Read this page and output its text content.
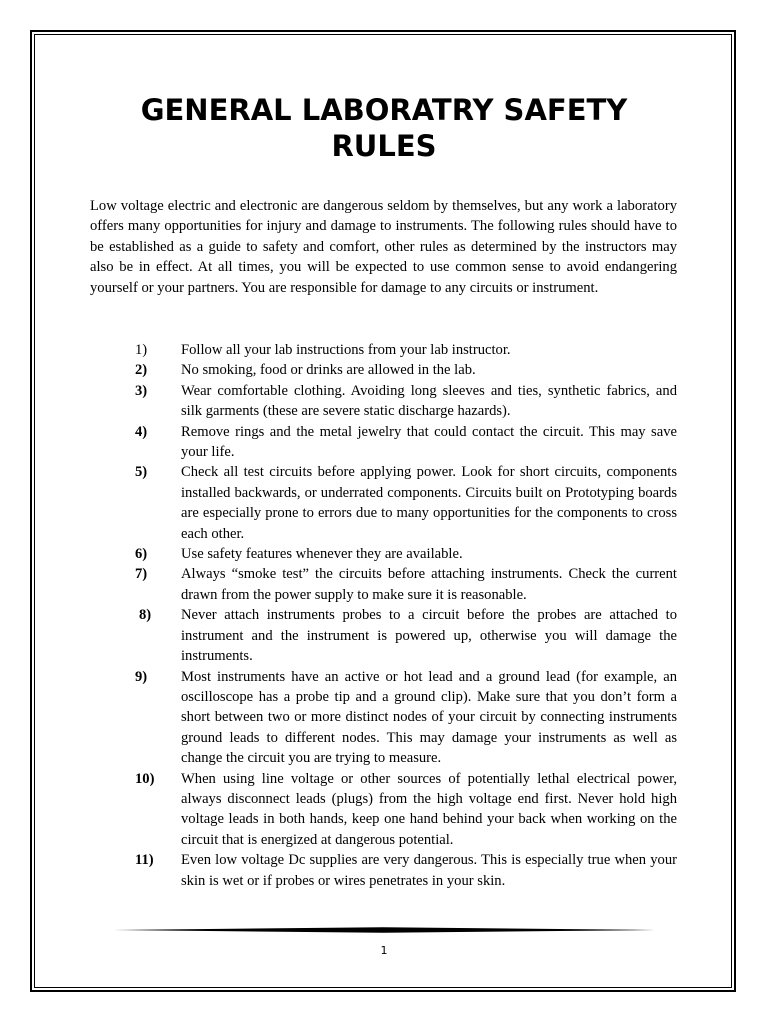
GENERAL LABORATRY SAFETY RULES

Low voltage electric and electronic are dangerous seldom by themselves, but any work a laboratory offers many opportunities for injury and damage to instruments. The following rules should have to be established as a guide to safety and comfort, other rules as determined by the instructors may also be in effect. At all times, you will be expected to use common sense to avoid endangering yourself or your partners. You are responsible for damage to any circuits or instrument.

1)	Follow all your lab instructions from your lab instructor.
2)	No smoking, food or drinks are allowed in the lab.
3)	Wear comfortable clothing. Avoiding long sleeves and ties, synthetic fabrics, and silk garments (these are severe static discharge hazards).
4)	Remove rings and the metal jewelry that could contact the circuit. This may save your life.
5)	Check all test circuits before applying power. Look for short circuits, components installed backwards, or underrated components. Circuits built on Prototyping boards are especially prone to errors due to many opportunities for the components to cross each other.
6)	Use safety features whenever they are available.
7)	Always “smoke test” the circuits before attaching instruments. Check the current drawn from the power supply to make sure it is reasonable.
8)	Never attach instruments probes to a circuit before the probes are attached to instrument and the instrument is powered up, otherwise you will damage the instruments.
9)	Most instruments have an active or hot lead and a ground lead (for example, an oscilloscope has a probe tip and a ground clip). Make sure that you don’t form a short between two or more distinct nodes of your circuit by connecting instruments ground leads to different nodes. This may damage your instruments as well as change the circuit you are trying to measure.
10)	When using line voltage or other sources of potentially lethal electrical power, always disconnect leads (plugs) from the high voltage end first. Never hold high voltage leads in both hands, keep one hand behind your back when working on the circuit that is energized at dangerous potential.
11)	Even low voltage Dc supplies are very dangerous. This is especially true when your skin is wet or if probes or wires penetrates in your skin.
1
